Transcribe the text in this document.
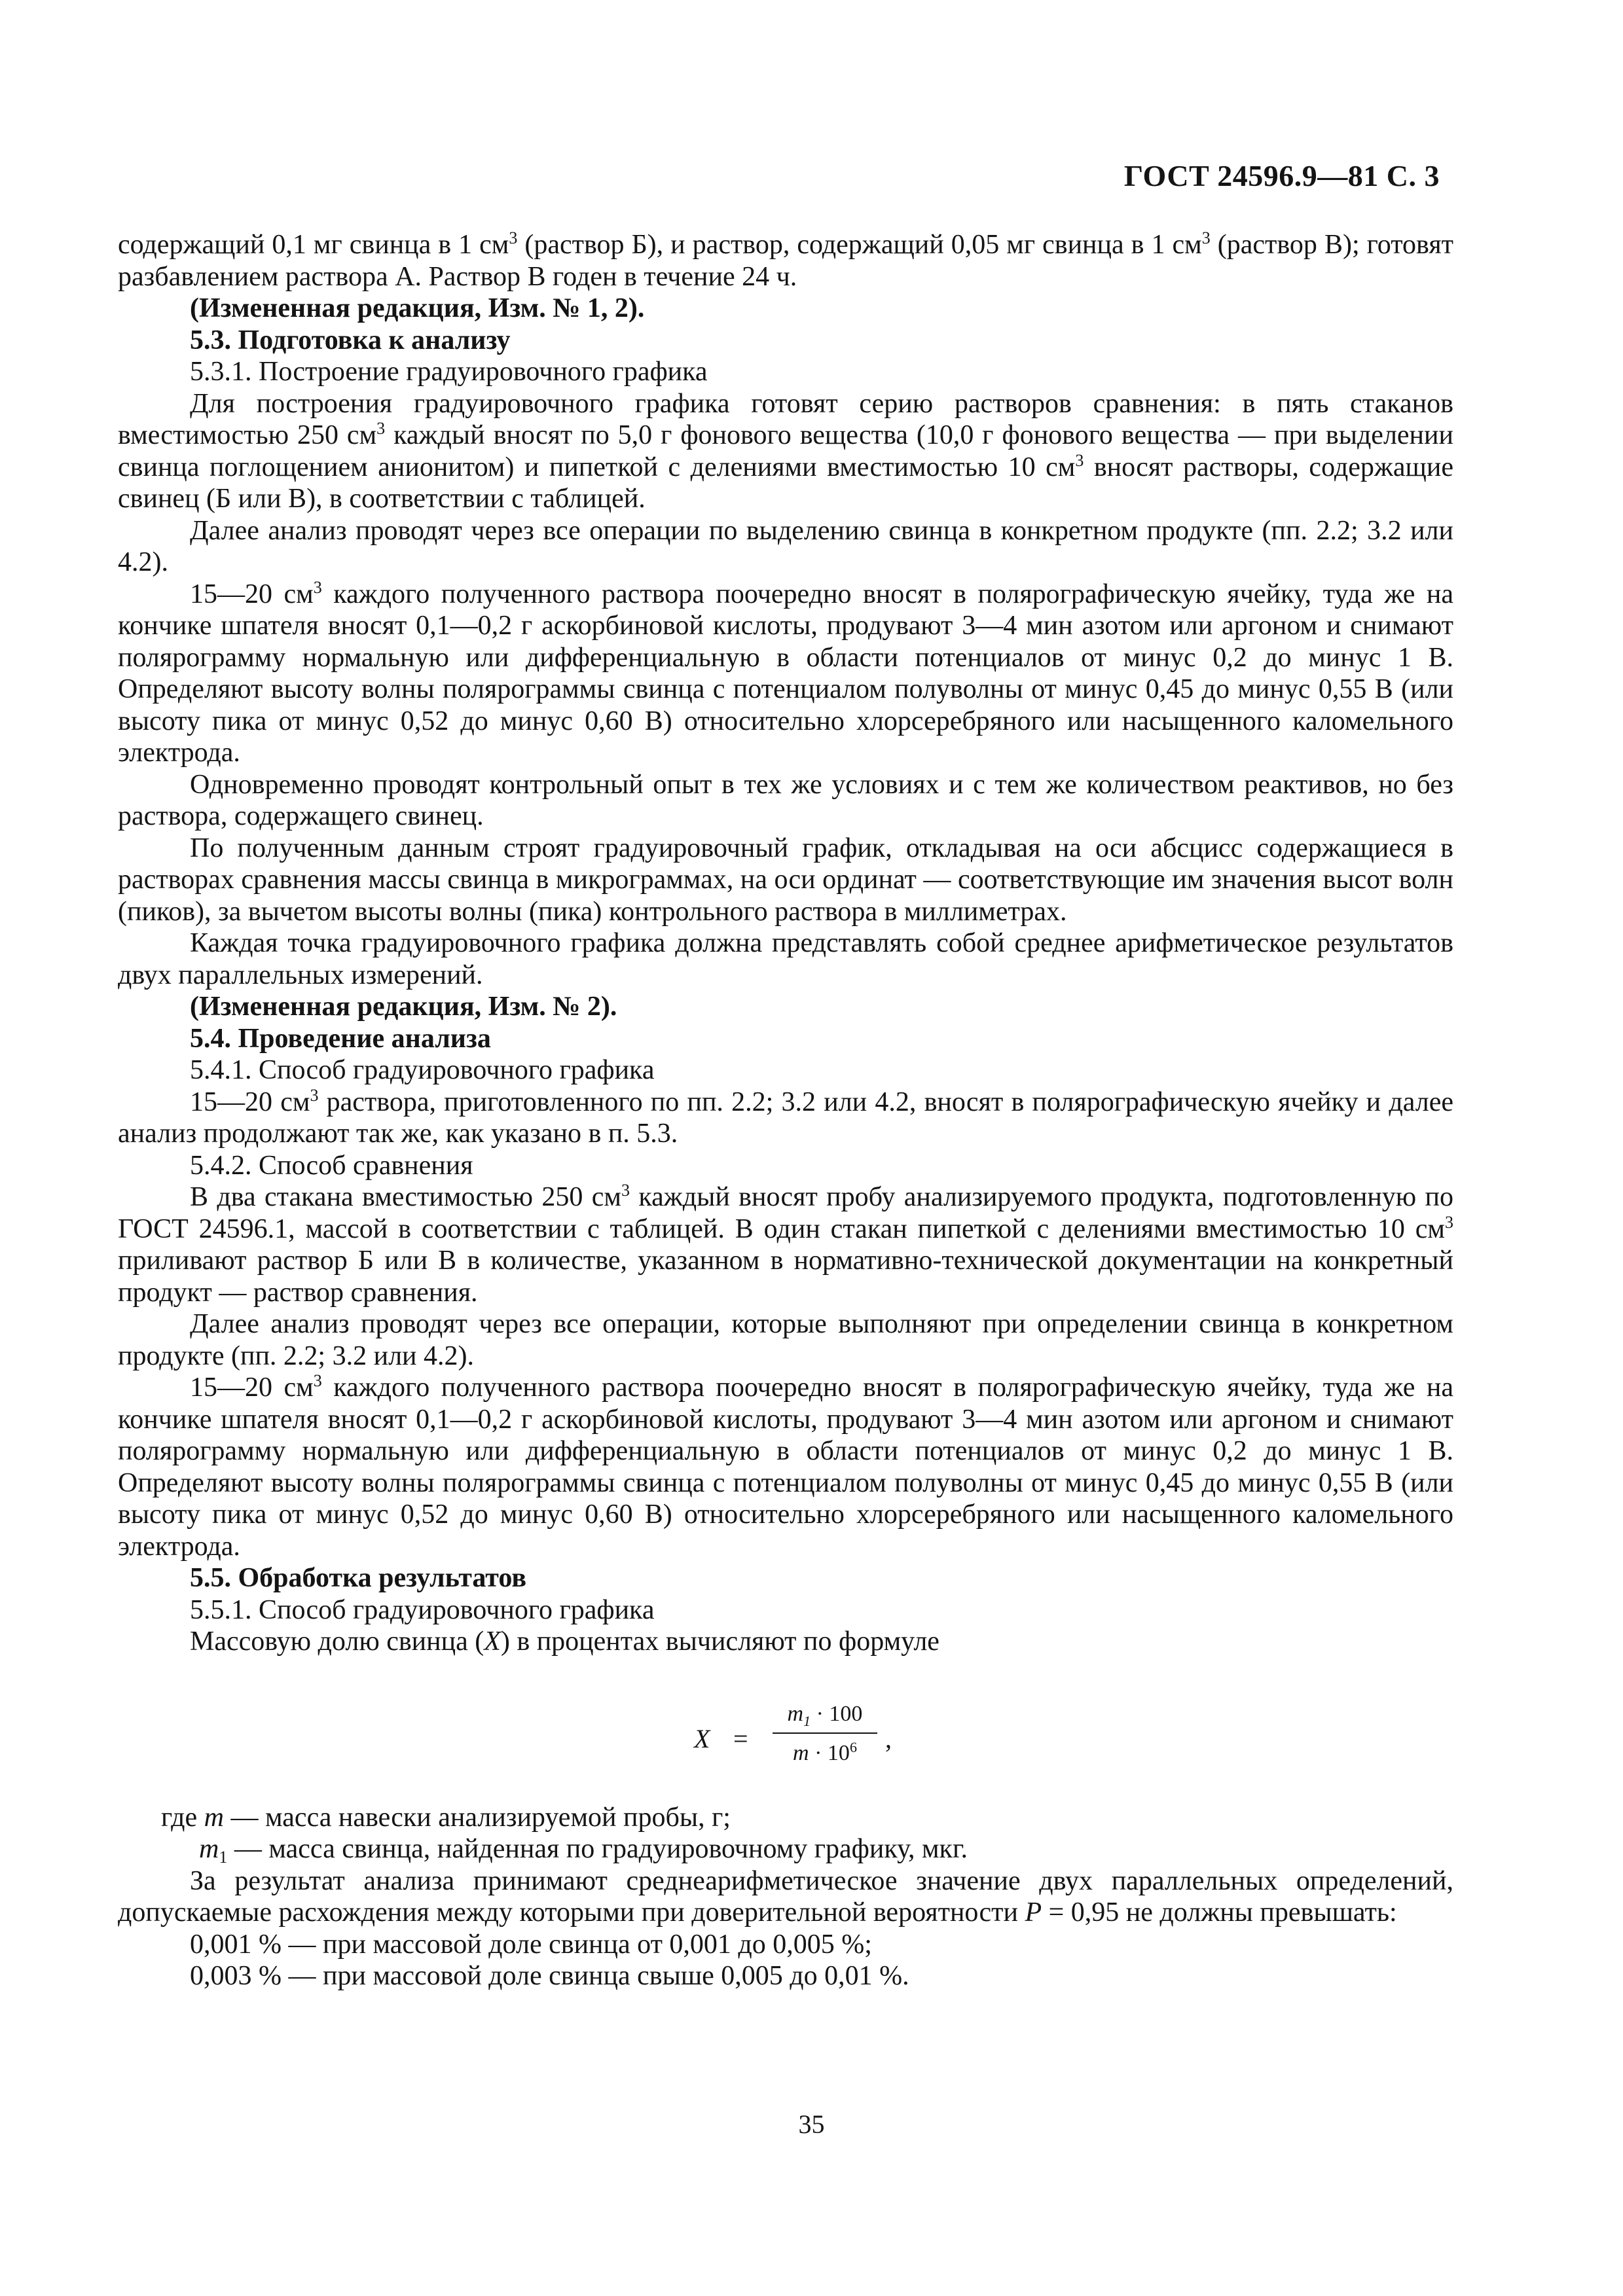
ГОСТ 24596.9—81 С. 3

содержащий 0,1 мг свинца в 1 $см^3$ (раствор Б), и раствор, содержащий 0,05 мг свинца в 1 $см^3$ (раствор В); готовят разбавлением раствора А. Раствор В годен в течение 24 ч.

(Измененная редакция, Изм. № 1, 2).

5.3. Подготовка к анализу

5.3.1. Построение градуировочного графика

Для построения градуировочного графика готовят серию растворов сравнения: в пять стаканов вместимостью 250 $см^3$ каждый вносят по 5,0 г фонового вещества (10,0 г фонового вещества — при выделении свинца поглощением анионитом) и пипеткой с делениями вместимостью 10 $см^3$ вносят растворы, содержащие свинец (Б или В), в соответствии с таблицей.

Далее анализ проводят через все операции по выделению свинца в конкретном продукте (пп. 2.2; 3.2 или 4.2).

15—20 $см^3$ каждого полученного раствора поочередно вносят в полярографическую ячейку, туда же на кончике шпателя вносят 0,1—0,2 г аскорбиновой кислоты, продувают 3—4 мин азотом или аргоном и снимают полярограмму нормальную или дифференциальную в области потенциалов от минус 0,2 до минус 1 В. Определяют высоту волны полярограммы свинца с потенциалом полуволны от минус 0,45 до минус 0,55 В (или высоту пика от минус 0,52 до минус 0,60 В) относительно хлорсеребряного или насыщенного каломельного электрода.

Одновременно проводят контрольный опыт в тех же условиях и с тем же количеством реактивов, но без раствора, содержащего свинец.

По полученным данным строят градуировочный график, откладывая на оси абсцисс содержащиеся в растворах сравнения массы свинца в микрограммах, на оси ординат — соответствующие им значения высот волн (пиков), за вычетом высоты волны (пика) контрольного раствора в миллиметрах.

Каждая точка градуировочного графика должна представлять собой среднее арифметическое результатов двух параллельных измерений.

(Измененная редакция, Изм. № 2).

5.4. Проведение анализа

5.4.1. Способ градуировочного графика

15—20 $см^3$ раствора, приготовленного по пп. 2.2; 3.2 или 4.2, вносят в полярографическую ячейку и далее анализ продолжают так же, как указано в п. 5.3.

5.4.2. Способ сравнения

В два стакана вместимостью 250 $см^3$ каждый вносят пробу анализируемого продукта, подготовленную по ГОСТ 24596.1, массой в соответствии с таблицей. В один стакан пипеткой с делениями вместимостью 10 $см^3$ приливают раствор Б или В в количестве, указанном в нормативно-технической документации на конкретный продукт — раствор сравнения.

Далее анализ проводят через все операции, которые выполняют при определении свинца в конкретном продукте (пп. 2.2; 3.2 или 4.2).

15—20 $см^3$ каждого полученного раствора поочередно вносят в полярографическую ячейку, туда же на кончике шпателя вносят 0,1—0,2 г аскорбиновой кислоты, продувают 3—4 мин азотом или аргоном и снимают полярограмму нормальную или дифференциальную в области потенциалов от минус 0,2 до минус 1 В. Определяют высоту волны полярограммы свинца с потенциалом полуволны от минус 0,45 до минус 0,55 В (или высоту пика от минус 0,52 до минус 0,60 В) относительно хлорсеребряного или насыщенного каломельного электрода.

5.5. Обработка результатов

5.5.1. Способ градуировочного графика

Массовую долю свинца (X) в процентах вычисляют по формуле

X =
$m_1 \cdot 100$
$m \cdot 10^6$	,

где m — масса навески анализируемой пробы, г;

$m_1$ — масса свинца, найденная по градуировочному графику, мкг.

За результат анализа принимают среднеарифметическое значение двух параллельных определений, допускаемые расхождения между которыми при доверительной вероятности P = 0,95 не должны превышать:

0,001 % — при массовой доле свинца от 0,001 до 0,005 %;

0,003 % — при массовой доле свинца свыше 0,005 до 0,01 %.

35
